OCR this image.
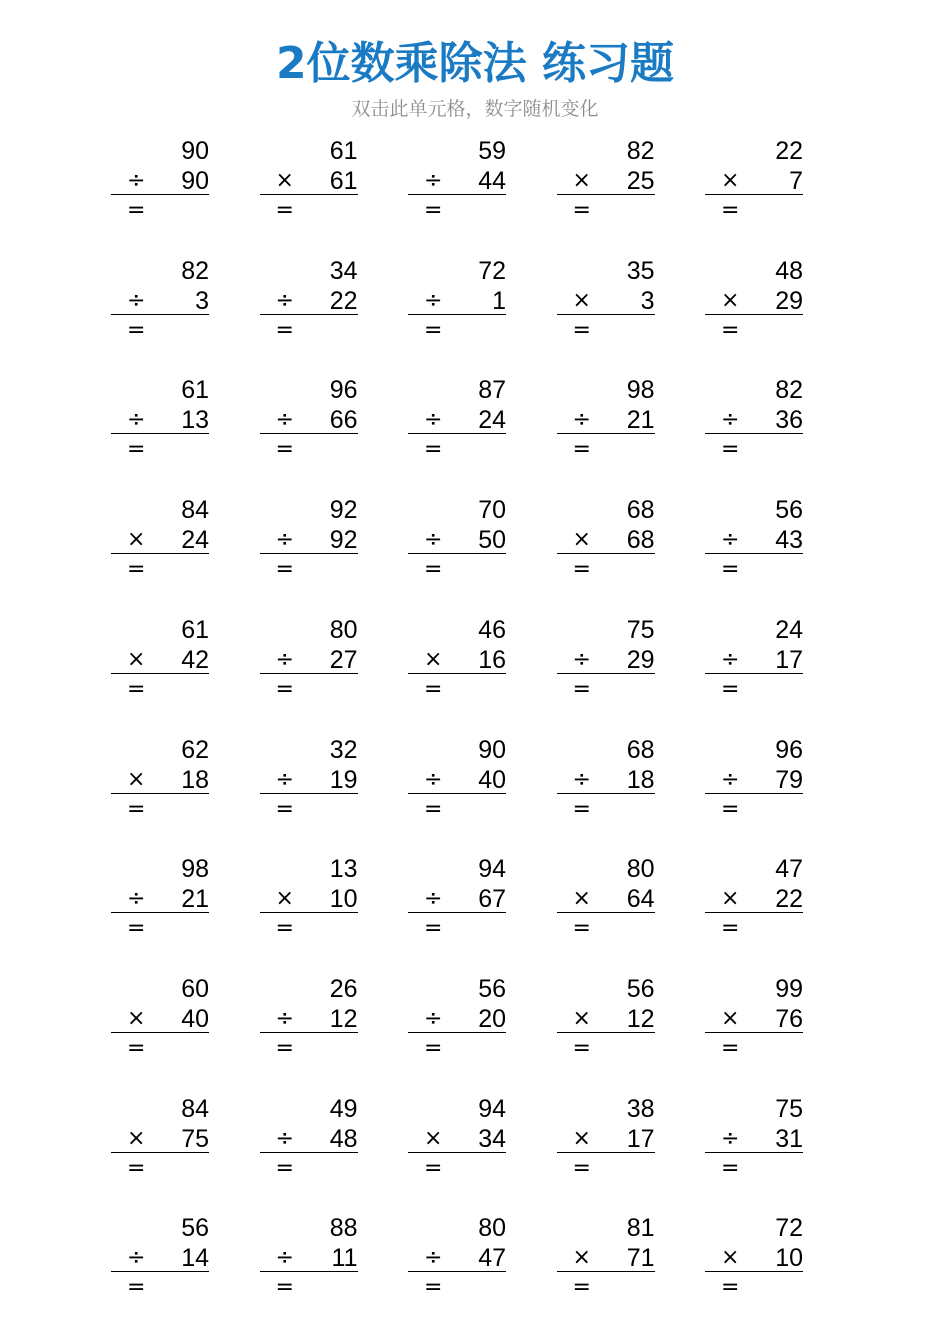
2位数乘除法 练习题
双击此单元格，数字随机变化
90
÷ 90
=
61
× 61
=
59
÷ 44
=
82
× 25
=
22
× 7
=
82
÷ 3
=
34
÷ 22
=
72
÷ 1
=
35
× 3
=
48
× 29
=
61
÷ 13
=
96
÷ 66
=
87
÷ 24
=
98
÷ 21
=
82
÷ 36
=
84
× 24
=
92
÷ 92
=
70
÷ 50
=
68
× 68
=
56
÷ 43
=
61
× 42
=
80
÷ 27
=
46
× 16
=
75
÷ 29
=
24
÷ 17
=
62
× 18
=
32
÷ 19
=
90
÷ 40
=
68
÷ 18
=
96
÷ 79
=
98
÷ 21
=
13
× 10
=
94
÷ 67
=
80
× 64
=
47
× 22
=
60
× 40
=
26
÷ 12
=
56
÷ 20
=
56
× 12
=
99
× 76
=
84
× 75
=
49
÷ 48
=
94
× 34
=
38
× 17
=
75
÷ 31
=
56
÷ 14
=
88
÷ 11
=
80
÷ 47
=
81
× 71
=
72
× 10
=
